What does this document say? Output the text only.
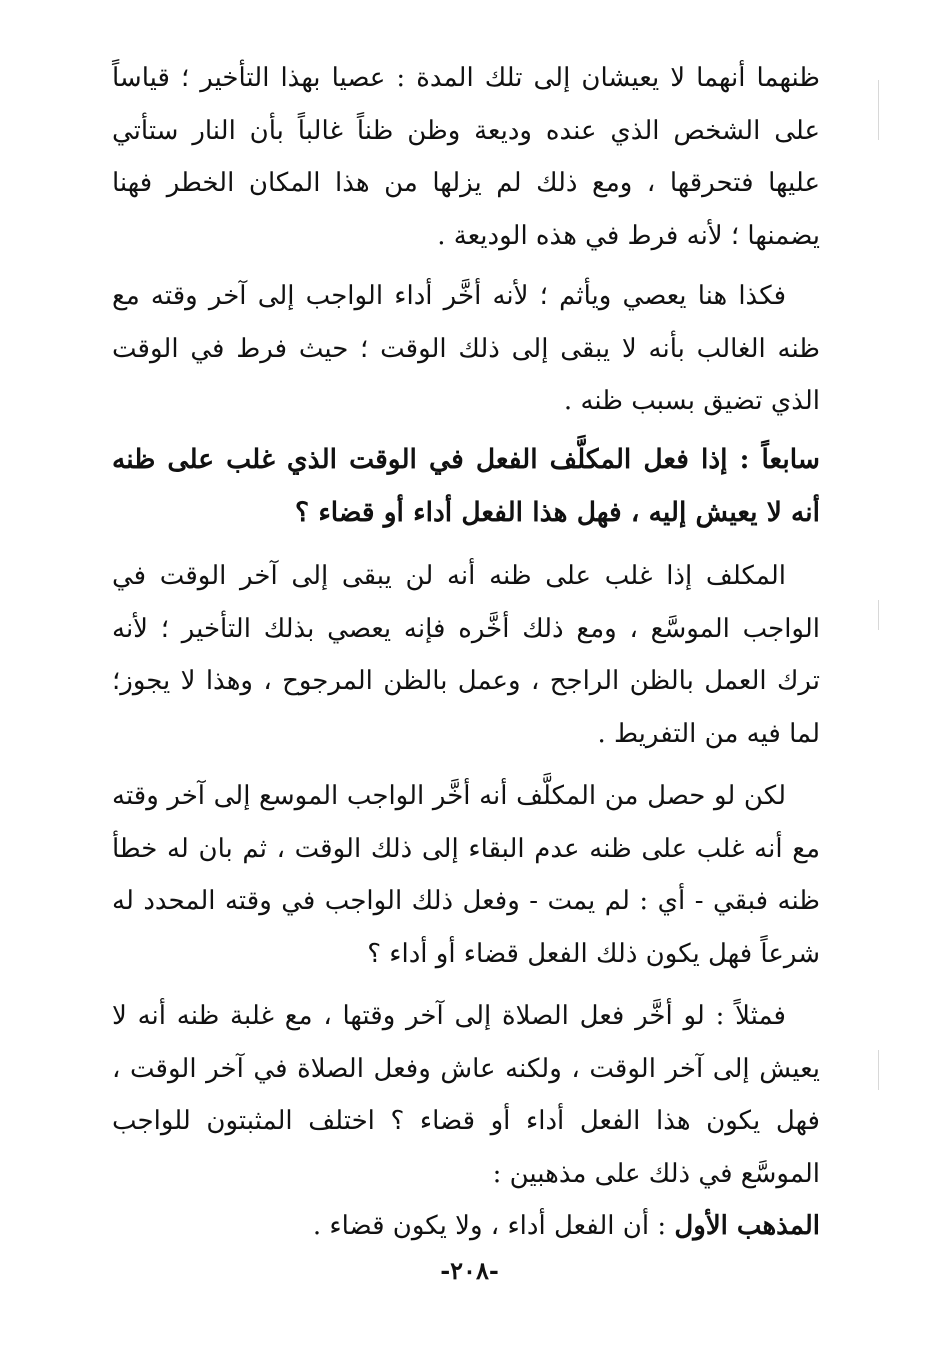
ظنهما أنهما لا يعيشان إلى تلك المدة : عصيا بهذا التأخير ؛ قياساً على الشخص الذي عنده وديعة وظن ظناً غالباً بأن النار ستأتي عليها فتحرقها ، ومع ذلك لم يزلها من هذا المكان الخطر فهنا يضمنها ؛ لأنه فرط في هذه الوديعة .

فكذا هنا يعصي ويأثم ؛ لأنه أخَّر أداء الواجب إلى آخر وقته مع ظنه الغالب بأنه لا يبقى إلى ذلك الوقت ؛ حيث فرط في الوقت الذي تضيق بسبب ظنه .

سابعاً : إذا فعل المكلَّف الفعل في الوقت الذي غلب على ظنه أنه لا يعيش إليه ، فهل هذا الفعل أداء أو قضاء ؟

المكلف إذا غلب على ظنه أنه لن يبقى إلى آخر الوقت في الواجب الموسَّع ، ومع ذلك أخَّره فإنه يعصي بذلك التأخير ؛ لأنه ترك العمل بالظن الراجح ، وعمل بالظن المرجوح ، وهذا لا يجوز؛ لما فيه من التفريط .

لكن لو حصل من المكلَّف أنه أخَّر الواجب الموسع إلى آخر وقته مع أنه غلب على ظنه عدم البقاء إلى ذلك الوقت ، ثم بان له خطأ ظنه فبقي - أي : لم يمت - وفعل ذلك الواجب في وقته المحدد له شرعاً فهل يكون ذلك الفعل قضاء أو أداء ؟

فمثلاً : لو أخَّر فعل الصلاة إلى آخر وقتها ، مع غلبة ظنه أنه لا يعيش إلى آخر الوقت ، ولكنه عاش وفعل الصلاة في آخر الوقت ، فهل يكون هذا الفعل أداء أو قضاء ؟ اختلف المثبتون للواجب الموسَّع في ذلك على مذهبين :

المذهب الأول : أن الفعل أداء ، ولا يكون قضاء .

-٢٠٨-
